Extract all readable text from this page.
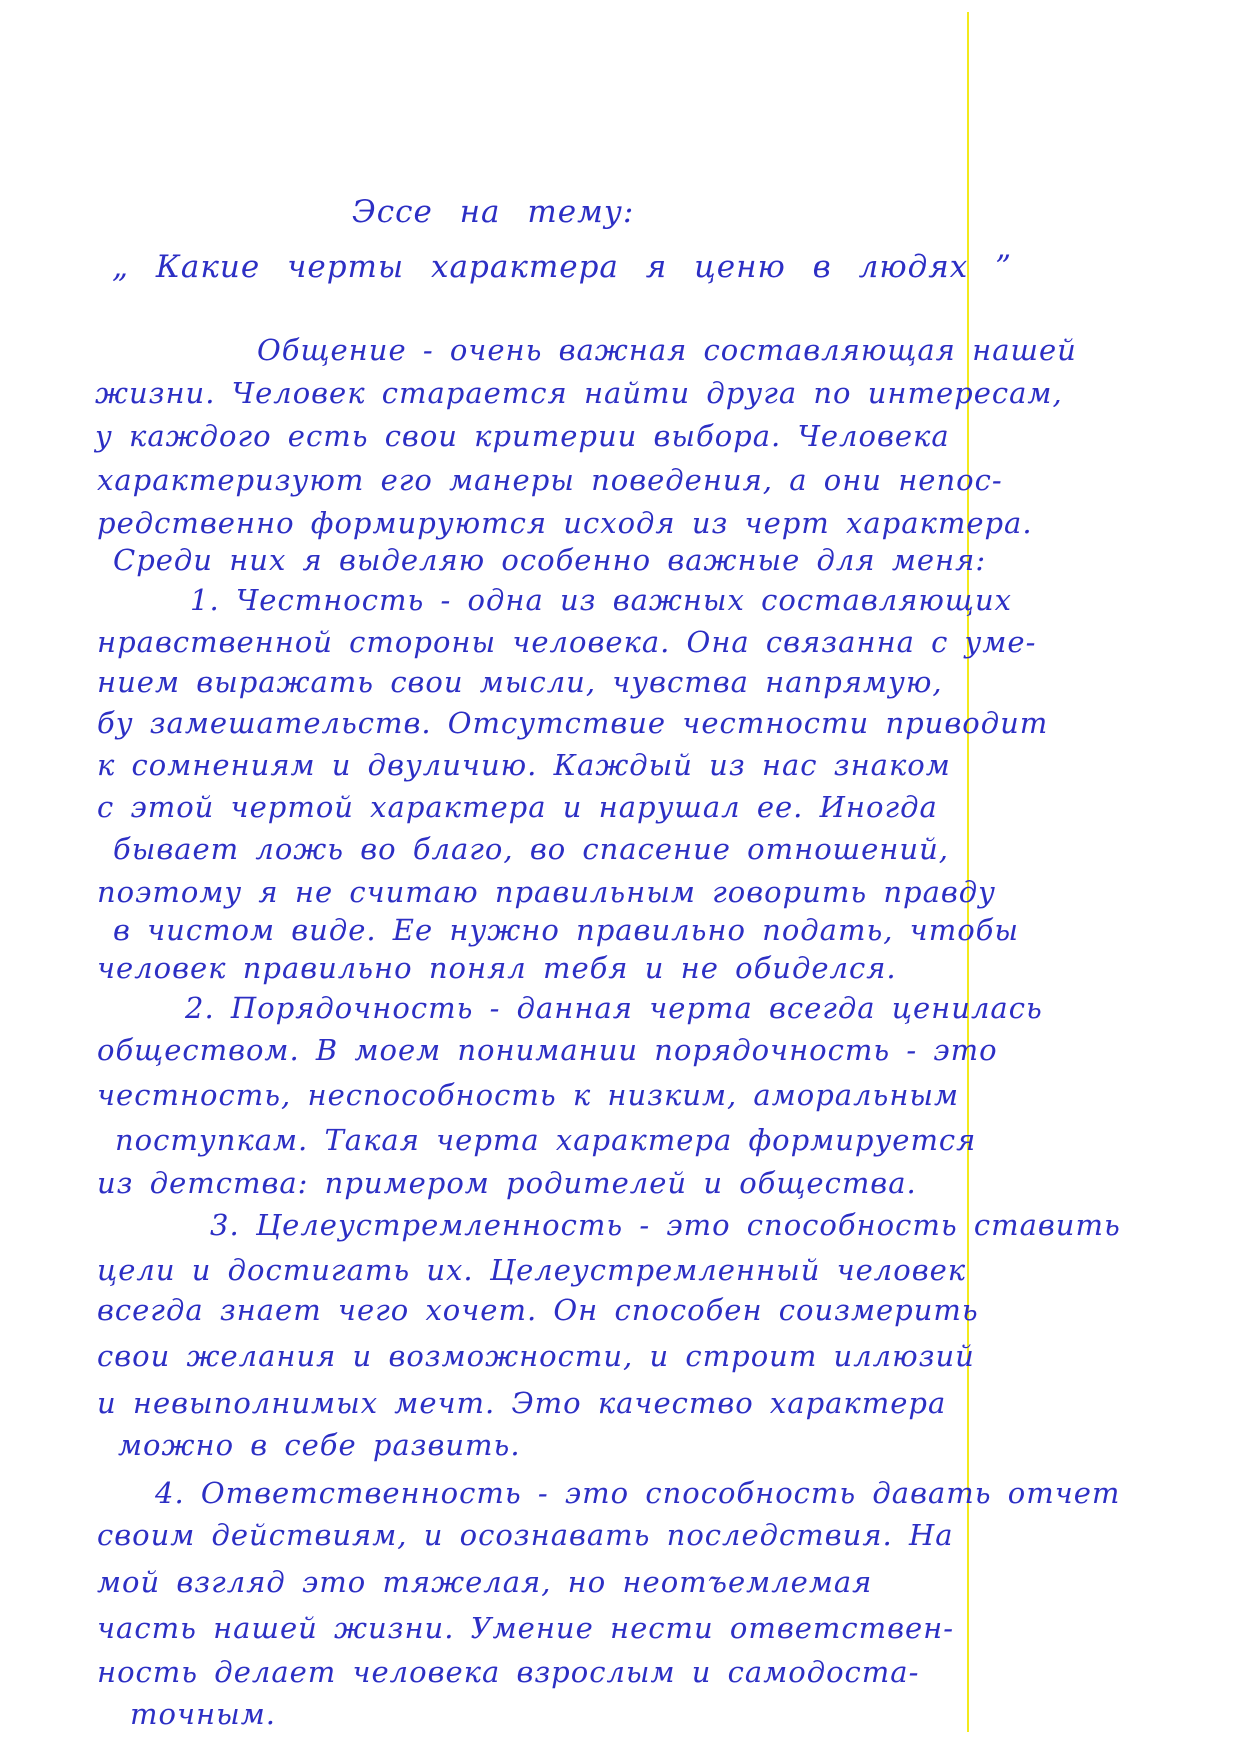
Эссе на тему:
„ Какие черты характера я ценю в людях ”
Общение - очень важная составляющая нашей
жизни. Человек старается найти друга по интересам,
у каждого есть свои критерии выбора. Человека
характеризуют его манеры поведения, а они непос-
редственно формируются исходя из черт характера.
Среди них я выделяю особенно важные для меня:
1. Честность - одна из важных составляющих
нравственной стороны человека. Она связанна с уме-
нием выражать свои мысли, чувства напрямую,
бу замешательств. Отсутствие честности приводит
к сомнениям и двуличию. Каждый из нас знаком
с этой чертой характера и нарушал ее. Иногда
бывает ложь во благо, во спасение отношений,
поэтому я не считаю правильным говорить правду
в чистом виде. Ее нужно правильно подать, чтобы
человек правильно понял тебя и не обиделся.
2. Порядочность - данная черта всегда ценилась
обществом. В моем понимании порядочность - это
честность, неспособность к низким, аморальным
поступкам. Такая черта характера формируется
из детства: примером родителей и общества.
3. Целеустремленность - это способность ставить
цели и достигать их. Целеустремленный человек
всегда знает чего хочет. Он способен соизмерить
свои желания и возможности, и строит иллюзий
и невыполнимых мечт. Это качество характера
можно в себе развить.
4. Ответственность - это способность давать отчет
своим действиям, и осознавать последствия. На
мой взгляд это тяжелая, но неотъемлемая
часть нашей жизни. Умение нести ответствен-
ность делает человека взрослым и самодоста-
точным.
